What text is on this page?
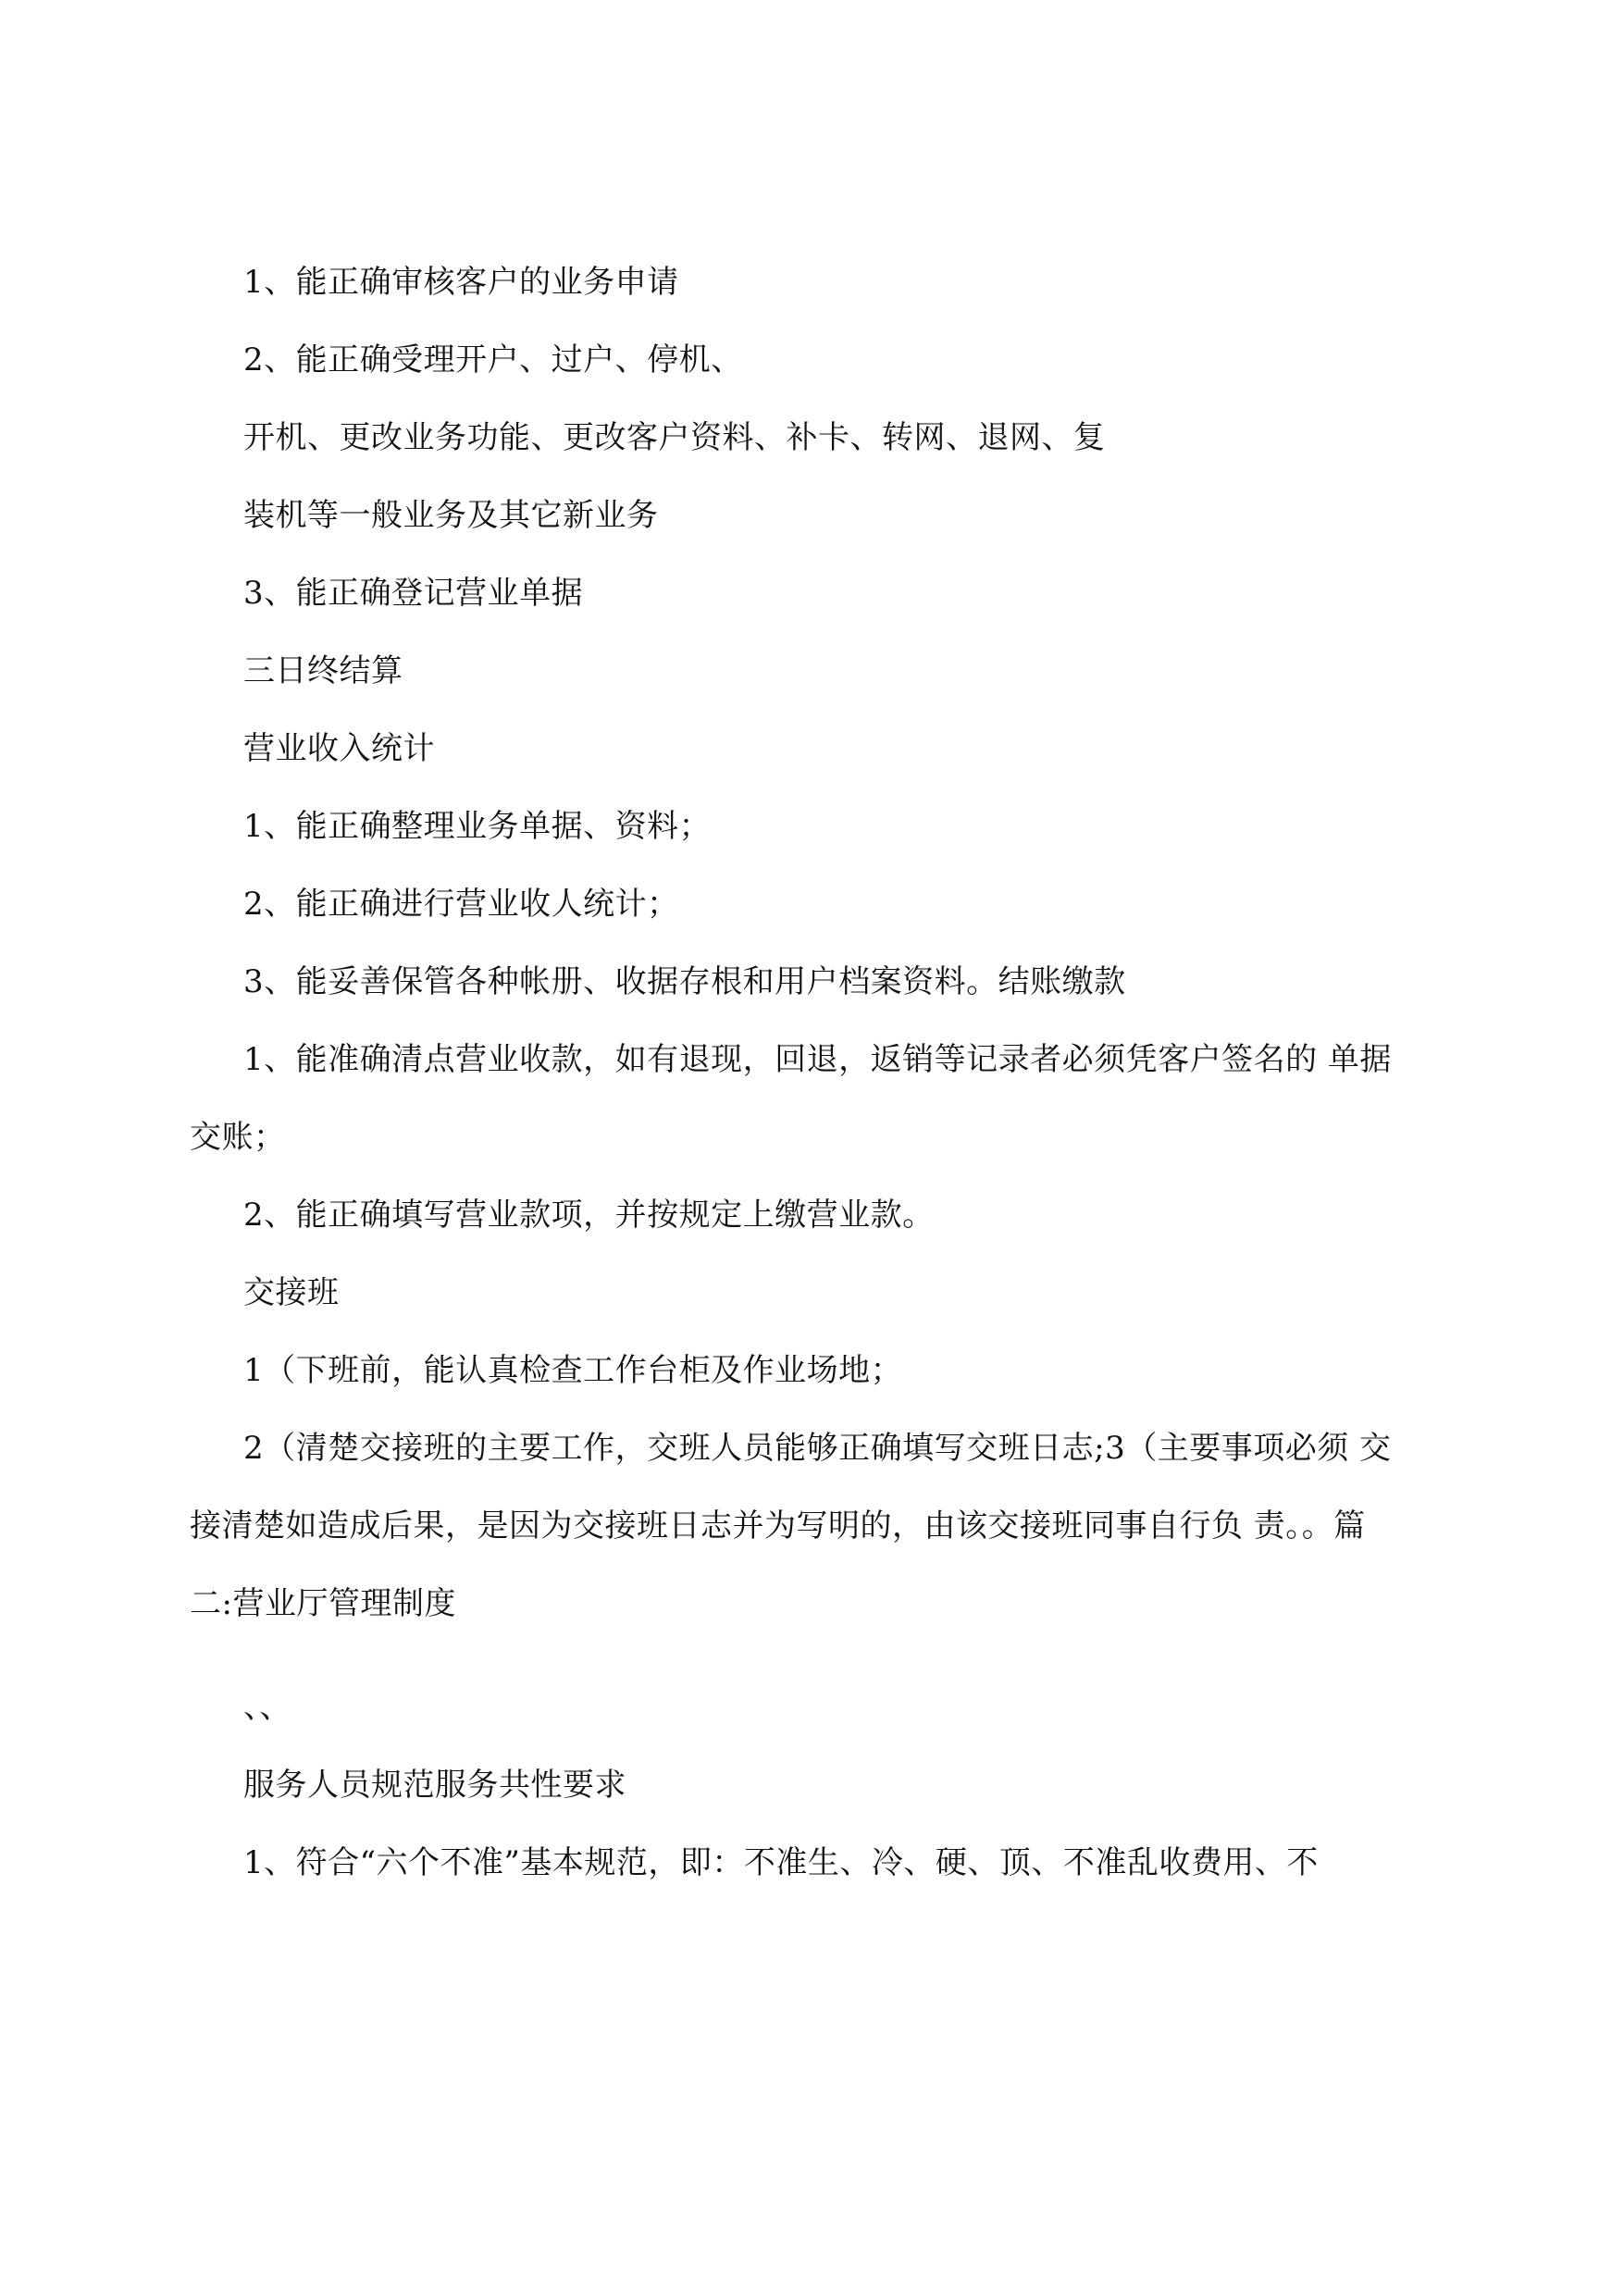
1、能正确审核客户的业务申请
2、能正确受理开户、过户、停机、
开机、更改业务功能、更改客户资料、补卡、转网、退网、复
装机等一般业务及其它新业务
3、能正确登记营业单据
三日终结算
营业收入统计
1、能正确整理业务单据、资料；
2、能正确进行营业收人统计；
3、能妥善保管各种帐册、收据存根和用户档案资料。结账缴款
1、能准确清点营业收款，如有退现，回退，返销等记录者必须凭客户签名的 单据
交账；
2、能正确填写营业款项，并按规定上缴营业款。
交接班
1（下班前，能认真检查工作台柜及作业场地；
2（清楚交接班的主要工作，交班人员能够正确填写交班日志;3（主要事项必须 交
接清楚如造成后果，是因为交接班日志并为写明的，由该交接班同事自行负 责。。篇
二:营业厅管理制度
、、
服务人员规范服务共性要求
1、符合“六个不准”基本规范，即：不准生、冷、硬、顶、不准乱收费用、不
